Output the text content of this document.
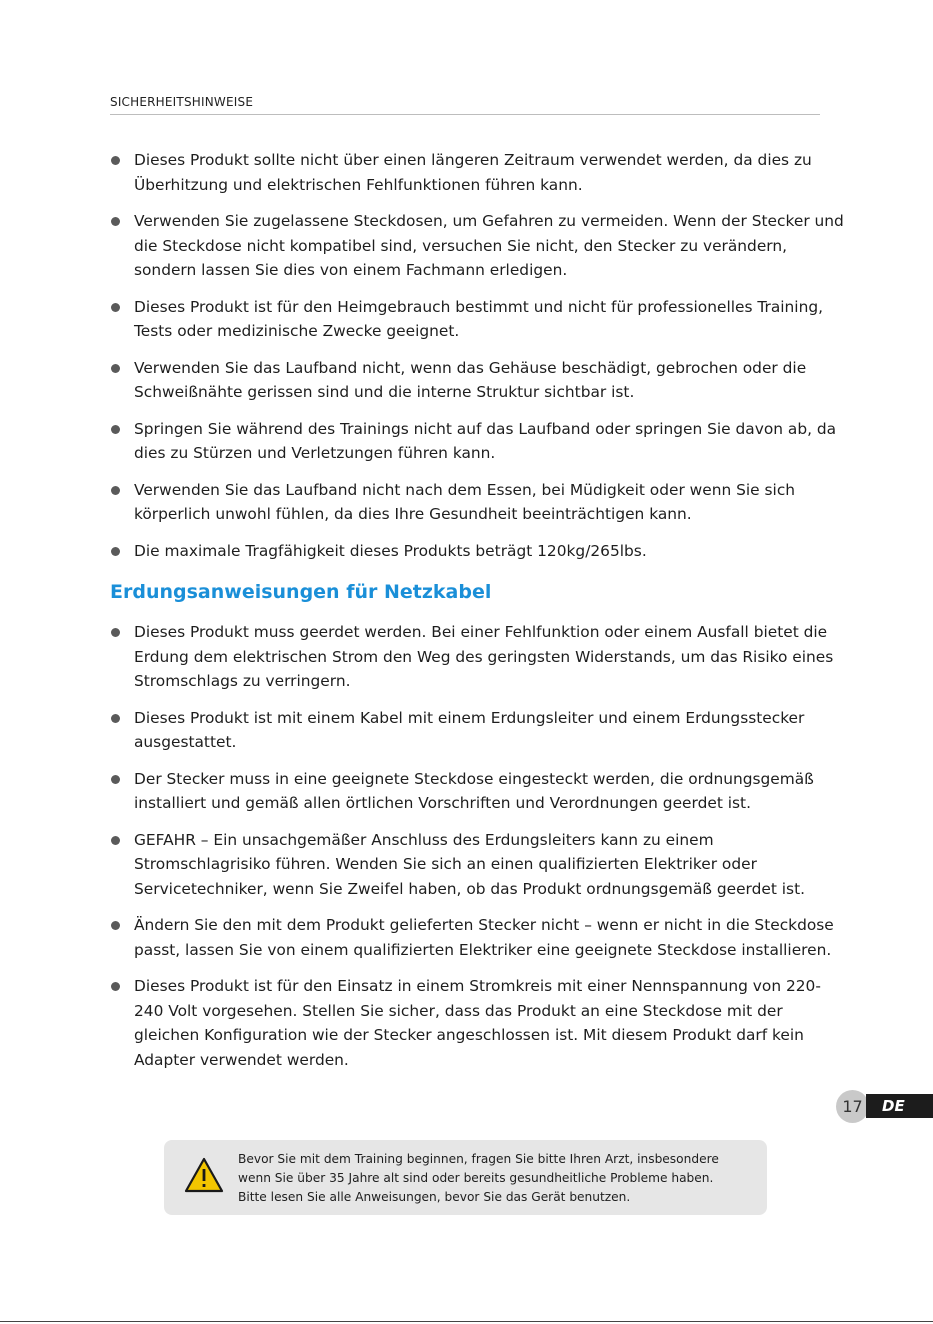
SICHERHEITSHINWEISE
Dieses Produkt sollte nicht über einen längeren Zeitraum verwendet werden, da dies zu Überhitzung und elektrischen Fehlfunktionen führen kann.
Verwenden Sie zugelassene Steckdosen, um Gefahren zu vermeiden. Wenn der Stecker und die Steckdose nicht kompatibel sind, versuchen Sie nicht, den Stecker zu verändern, sondern lassen Sie dies von einem Fachmann erledigen.
Dieses Produkt ist für den Heimgebrauch bestimmt und nicht für professionelles Training, Tests oder medizinische Zwecke geeignet.
Verwenden Sie das Laufband nicht, wenn das Gehäuse beschädigt, gebrochen oder die Schweißnähte gerissen sind und die interne Struktur sichtbar ist.
Springen Sie während des Trainings nicht auf das Laufband oder springen Sie davon ab, da dies zu Stürzen und Verletzungen führen kann.
Verwenden Sie das Laufband nicht nach dem Essen, bei Müdigkeit oder wenn Sie sich körperlich unwohl fühlen, da dies Ihre Gesundheit beeinträchtigen kann.
Die maximale Tragfähigkeit dieses Produkts beträgt 120kg/265lbs.
Erdungsanweisungen für Netzkabel
Dieses Produkt muss geerdet werden. Bei einer Fehlfunktion oder einem Ausfall bietet die Erdung dem elektrischen Strom den Weg des geringsten Widerstands, um das Risiko eines Stromschlags zu verringern.
Dieses Produkt ist mit einem Kabel mit einem Erdungsleiter und einem Erdungsstecker ausgestattet.
Der Stecker muss in eine geeignete Steckdose eingesteckt werden, die ordnungsgemäß installiert und gemäß allen örtlichen Vorschriften und Verordnungen geerdet ist.
GEFAHR – Ein unsachgemäßer Anschluss des Erdungsleiters kann zu einem Stromschlagrisiko führen. Wenden Sie sich an einen qualifizierten Elektriker oder Servicetechniker, wenn Sie Zweifel haben, ob das Produkt ordnungsgemäß geerdet ist.
Ändern Sie den mit dem Produkt gelieferten Stecker nicht – wenn er nicht in die Steckdose passt, lassen Sie von einem qualifizierten Elektriker eine geeignete Steckdose installieren.
Dieses Produkt ist für den Einsatz in einem Stromkreis mit einer Nennspannung von 220-240 Volt vorgesehen. Stellen Sie sicher, dass das Produkt an eine Steckdose mit der gleichen Konfiguration wie der Stecker angeschlossen ist. Mit diesem Produkt darf kein Adapter verwendet werden.
17	DE
Bevor Sie mit dem Training beginnen, fragen Sie bitte Ihren Arzt, insbesondere
wenn Sie über 35 Jahre alt sind oder bereits gesundheitliche Probleme haben.
Bitte lesen Sie alle Anweisungen, bevor Sie das Gerät benutzen.
